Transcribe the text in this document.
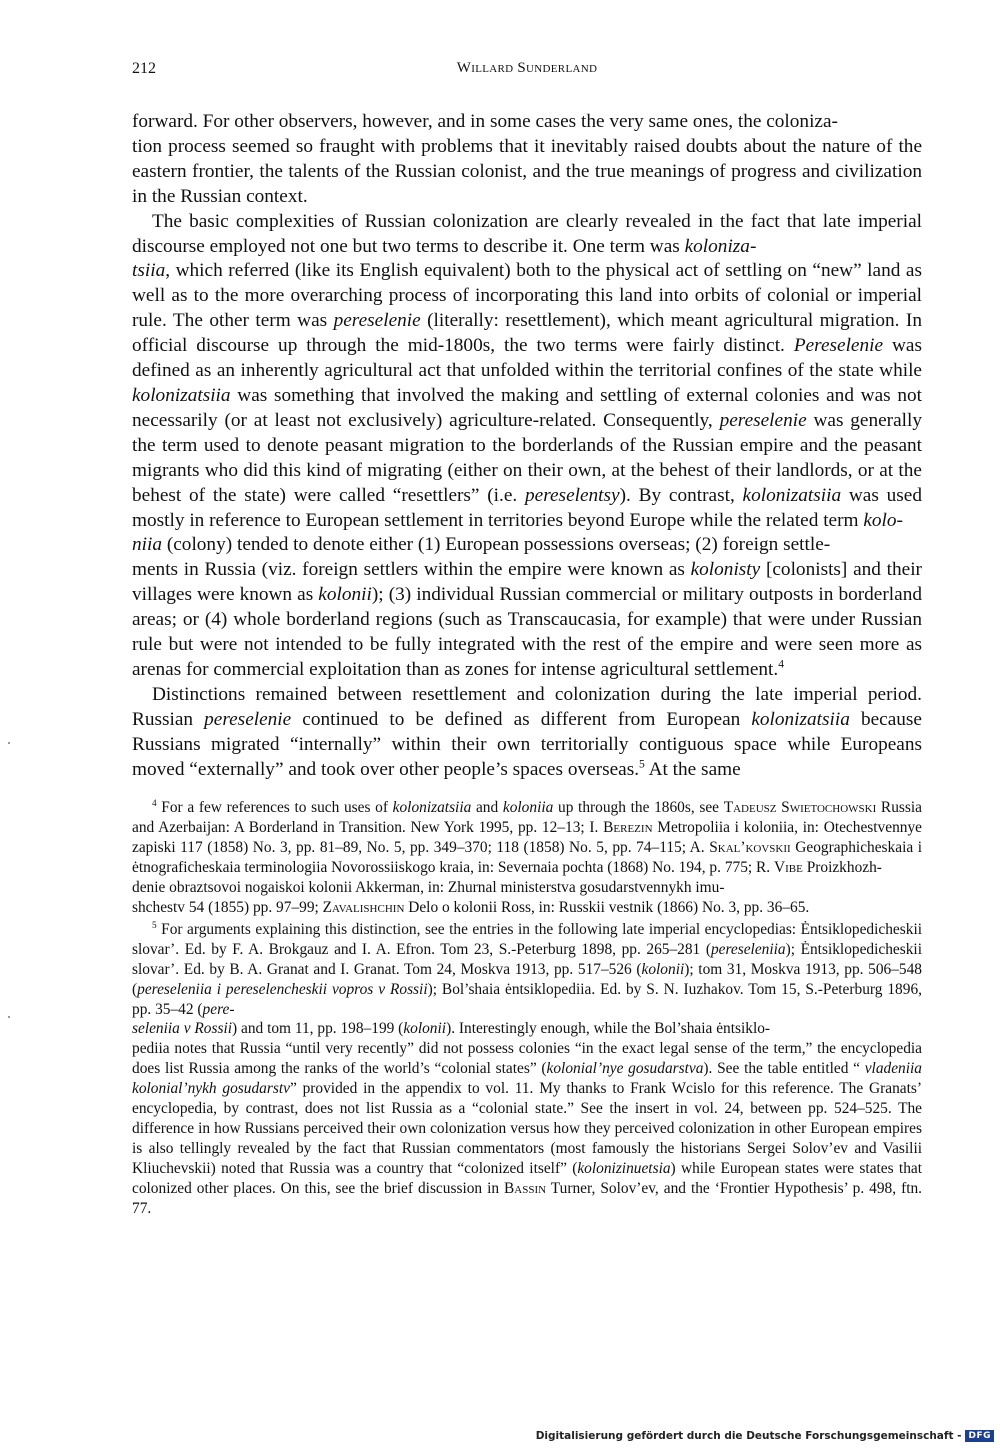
212	Willard Sunderland

forward. For other observers, however, and in some cases the very same ones, the coloniza-
tion process seemed so fraught with problems that it inevitably raised doubts about the nature of the eastern frontier, the talents of the Russian colonist, and the true meanings of progress and civilization in the Russian context.

The basic complexities of Russian colonization are clearly revealed in the fact that late imperial discourse employed not one but two terms to describe it. One term was koloniza-
tsiia, which referred (like its English equivalent) both to the physical act of settling on “new” land as well as to the more overarching process of incorporating this land into orbits of colonial or imperial rule. The other term was pereselenie (literally: resettlement), which meant agricultural migration. In official discourse up through the mid-1800s, the two terms were fairly distinct. Pereselenie was defined as an inherently agricultural act that unfolded within the territorial confines of the state while kolonizatsiia was something that involved the making and settling of external colonies and was not necessarily (or at least not exclusively) agriculture-related. Consequently, pereselenie was generally the term used to denote peasant migration to the borderlands of the Russian empire and the peasant migrants who did this kind of migrating (either on their own, at the behest of their landlords, or at the behest of the state) were called “resettlers” (i.e. pereselentsy). By contrast, kolonizatsiia was used mostly in reference to European settlement in territories beyond Europe while the related term kolo-
niia (colony) tended to denote either (1) European possessions overseas; (2) foreign settle-
ments in Russia (viz. foreign settlers within the empire were known as kolonisty [colonists] and their villages were known as kolonii); (3) individual Russian commercial or military outposts in borderland areas; or (4) whole borderland regions (such as Transcaucasia, for example) that were under Russian rule but were not intended to be fully integrated with the rest of the empire and were seen more as arenas for commercial exploitation than as zones for intense agricultural settlement.$^4$

Distinctions remained between resettlement and colonization during the late imperial period. Russian pereselenie continued to be defined as different from European kolonizatsiia because Russians migrated “internally” within their own territorially contiguous space while Europeans moved “externally” and took over other people’s spaces overseas.$^5$ At the same

$^4$ For a few references to such uses of kolonizatsiia and koloniia up through the 1860s, see Tadeusz Swietochowski Russia and Azerbaijan: A Borderland in Transition. New York 1995, pp. 12–13; I. Berezin Metropoliia i koloniia, in: Otechestvennye zapiski 117 (1858) No. 3, pp. 81–89, No. 5, pp. 349–370; 118 (1858) No. 5, pp. 74–115; A. Skal’kovskii Geographicheskaia i ėtnograficheskaia terminologiia Novorossiiskogo kraia, in: Severnaia pochta (1868) No. 194, p. 775; R. Vibe Proizkhozh-
denie obraztsovoi nogaiskoi kolonii Akkerman, in: Zhurnal ministerstva gosudarstvennykh imu-
shchestv 54 (1855) pp. 97–99; Zavalishchin Delo o kolonii Ross, in: Russkii vestnik (1866) No. 3, pp. 36–65.

$^5$ For arguments explaining this distinction, see the entries in the following late imperial encyclopedias: Ėntsiklopedicheskii slovar’. Ed. by F. A. Brokgauz and I. A. Efron. Tom 23, S.-Peterburg 1898, pp. 265–281 (pereseleniia); Ėntsiklopedicheskii slovar’. Ed. by B. A. Granat and I. Granat. Tom 24, Moskva 1913, pp. 517–526 (kolonii); tom 31, Moskva 1913, pp. 506–548 (pereseleniia i pereselencheskii vopros v Rossii); Bol’shaia ėntsiklopediia. Ed. by S. N. Iuzhakov. Tom 15, S.-Peterburg 1896, pp. 35–42 (pere-
seleniia v Rossii) and tom 11, pp. 198–199 (kolonii). Interestingly enough, while the Bol’shaia ėntsiklo-
pediia notes that Russia “until very recently” did not possess colonies “in the exact legal sense of the term,” the encyclopedia does list Russia among the ranks of the world’s “colonial states” (kolonial’nye gosudarstva). See the table entitled “ vladeniia kolonial’nykh gosudarstv” provided in the appendix to vol. 11. My thanks to Frank Wcislo for this reference. The Granats’ encyclopedia, by contrast, does not list Russia as a “colonial state.” See the insert in vol. 24, between pp. 524–525. The difference in how Russians perceived their own colonization versus how they perceived colonization in other European empires is also tellingly revealed by the fact that Russian commentators (most famously the historians Sergei Solov’ev and Vasilii Kliuchevskii) noted that Russia was a country that “colonized itself” (kolonizinuetsia) while European states were states that colonized other places. On this, see the brief discussion in Bassin Turner, Solov’ev, and the ‘Frontier Hypothesis’ p. 498, ftn. 77.

Digitalisierung gefördert durch die Deutsche Forschungsgemeinschaft - DFG
